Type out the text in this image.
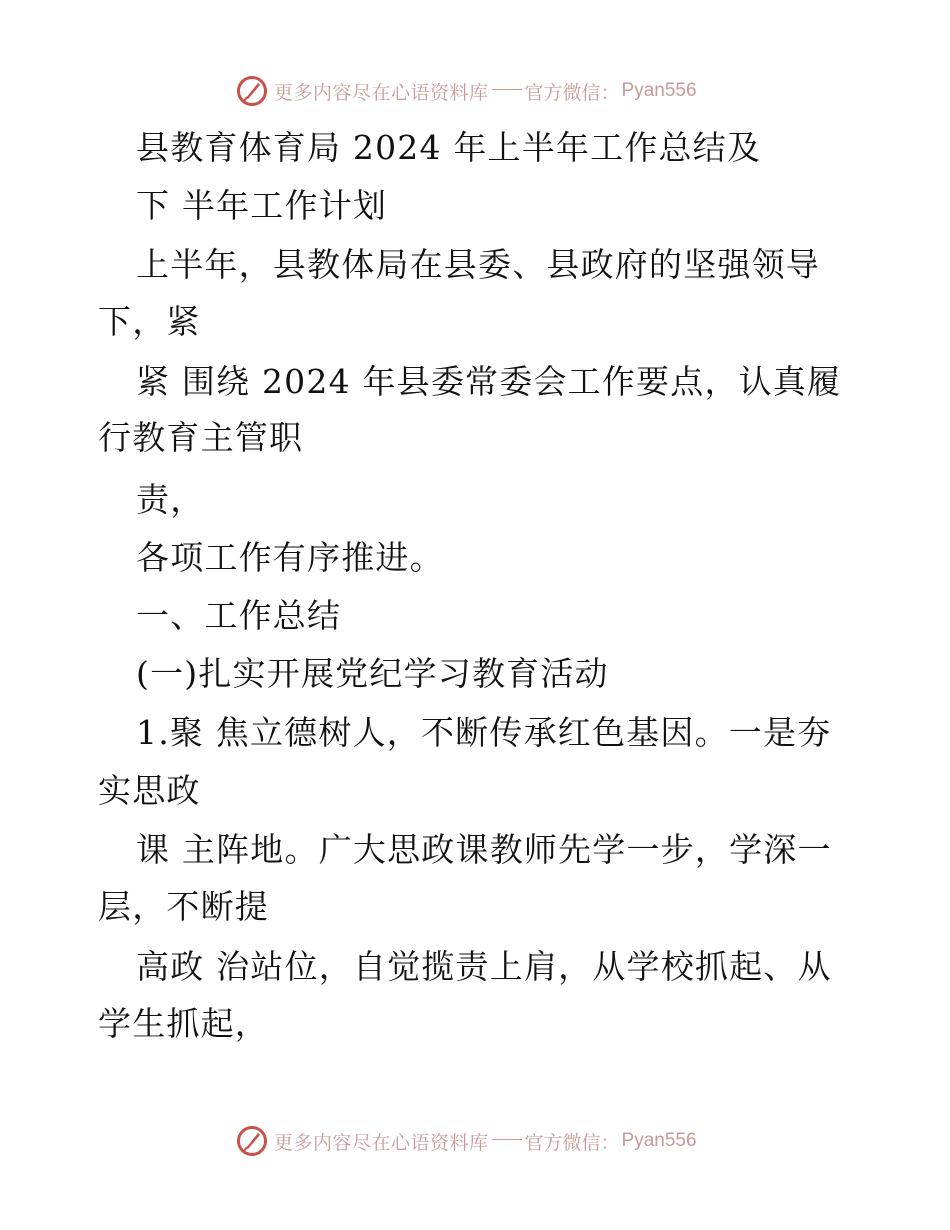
更多内容尽在心语资料库 官方微信： Pyan556
县教育体育局 2024 年上半年工作总结及
下 半年工作计划
上半年，县教体局在县委、县政府的坚强领导
下，紧
紧 围绕 2024 年县委常委会工作要点，认真履
行教育主管职
责，
各项工作有序推进。
一、工作总结
(一)扎实开展党纪学习教育活动
1.聚 焦立德树人，不断传承红色基因。一是夯
实思政
课 主阵地。广大思政课教师先学一步，学深一
层，不断提
高政 治站位，自觉揽责上肩，从学校抓起、从
学生抓起，
更多内容尽在心语资料库 官方微信： Pyan556
